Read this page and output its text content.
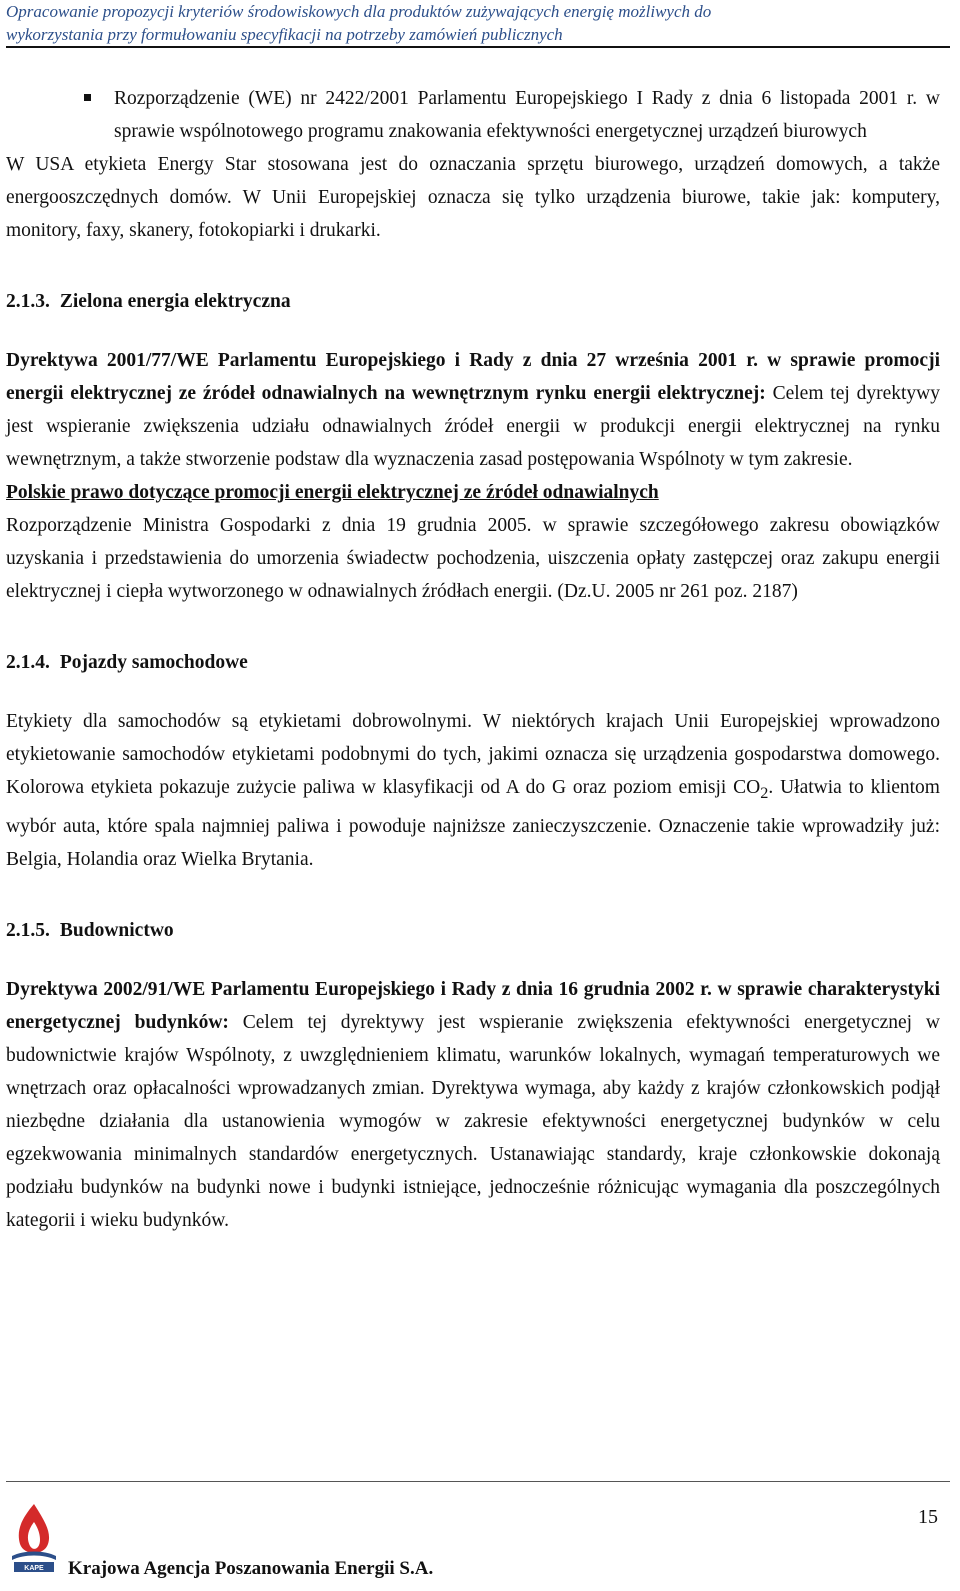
Opracowanie propozycji kryteriów środowiskowych dla produktów zużywających energię możliwych do

wykorzystania przy formułowaniu specyfikacji na potrzeby zamówień publicznych

Rozporządzenie (WE) nr 2422/2001 Parlamentu Europejskiego I Rady z dnia 6 listopada 2001 r. w sprawie wspólnotowego programu znakowania efektywności energetycznej urządzeń biurowych

W USA etykieta Energy Star stosowana jest do oznaczania sprzętu biurowego, urządzeń domowych, a także energooszczędnych domów. W Unii Europejskiej oznacza się tylko urządzenia biurowe, takie jak: komputery, monitory, faxy, skanery, fotokopiarki i drukarki.

2.1.3. Zielona energia elektryczna

Dyrektywa 2001/77/WE Parlamentu Europejskiego i Rady z dnia 27 września 2001 r. w sprawie promocji energii elektrycznej ze źródeł odnawialnych na wewnętrznym rynku energii elektrycznej: Celem tej dyrektywy jest wspieranie zwiększenia udziału odnawialnych źródeł energii w produkcji energii elektrycznej na rynku wewnętrznym, a także stworzenie podstaw dla wyznaczenia zasad postępowania Wspólnoty w tym zakresie.

Polskie prawo dotyczące promocji energii elektrycznej ze źródeł odnawialnych

Rozporządzenie Ministra Gospodarki z dnia 19 grudnia 2005. w sprawie szczegółowego zakresu obowiązków uzyskania i przedstawienia do umorzenia świadectw pochodzenia, uiszczenia opłaty zastępczej oraz zakupu energii elektrycznej i ciepła wytworzonego w odnawialnych źródłach energii. (Dz.U. 2005 nr 261 poz. 2187)

2.1.4. Pojazdy samochodowe

Etykiety dla samochodów są etykietami dobrowolnymi. W niektórych krajach Unii Europejskiej wprowadzono etykietowanie samochodów etykietami podobnymi do tych, jakimi oznacza się urządzenia gospodarstwa domowego. Kolorowa etykieta pokazuje zużycie paliwa w klasyfikacji od A do G oraz poziom emisji $CO_2$. Ułatwia to klientom wybór auta, które spala najmniej paliwa i powoduje najniższe zanieczyszczenie. Oznaczenie takie wprowadziły już: Belgia, Holandia oraz Wielka Brytania.

2.1.5. Budownictwo

Dyrektywa 2002/91/WE Parlamentu Europejskiego i Rady z dnia 16 grudnia 2002 r. w sprawie charakterystyki energetycznej budynków: Celem tej dyrektywy jest wspieranie zwiększenia efektywności energetycznej w budownictwie krajów Wspólnoty, z uwzględnieniem klimatu, warunków lokalnych, wymagań temperaturowych we wnętrzach oraz opłacalności wprowadzanych zmian. Dyrektywa wymaga, aby każdy z krajów członkowskich podjął niezbędne działania dla ustanowienia wymogów w zakresie efektywności energetycznej budynków w celu egzekwowania minimalnych standardów energetycznych. Ustanawiając standardy, kraje członkowskie dokonają podziału budynków na budynki nowe i budynki istniejące, jednocześnie różnicując wymagania dla poszczególnych kategorii i wieku budynków.

KAPE
15
Krajowa Agencja Poszanowania Energii S.A.
